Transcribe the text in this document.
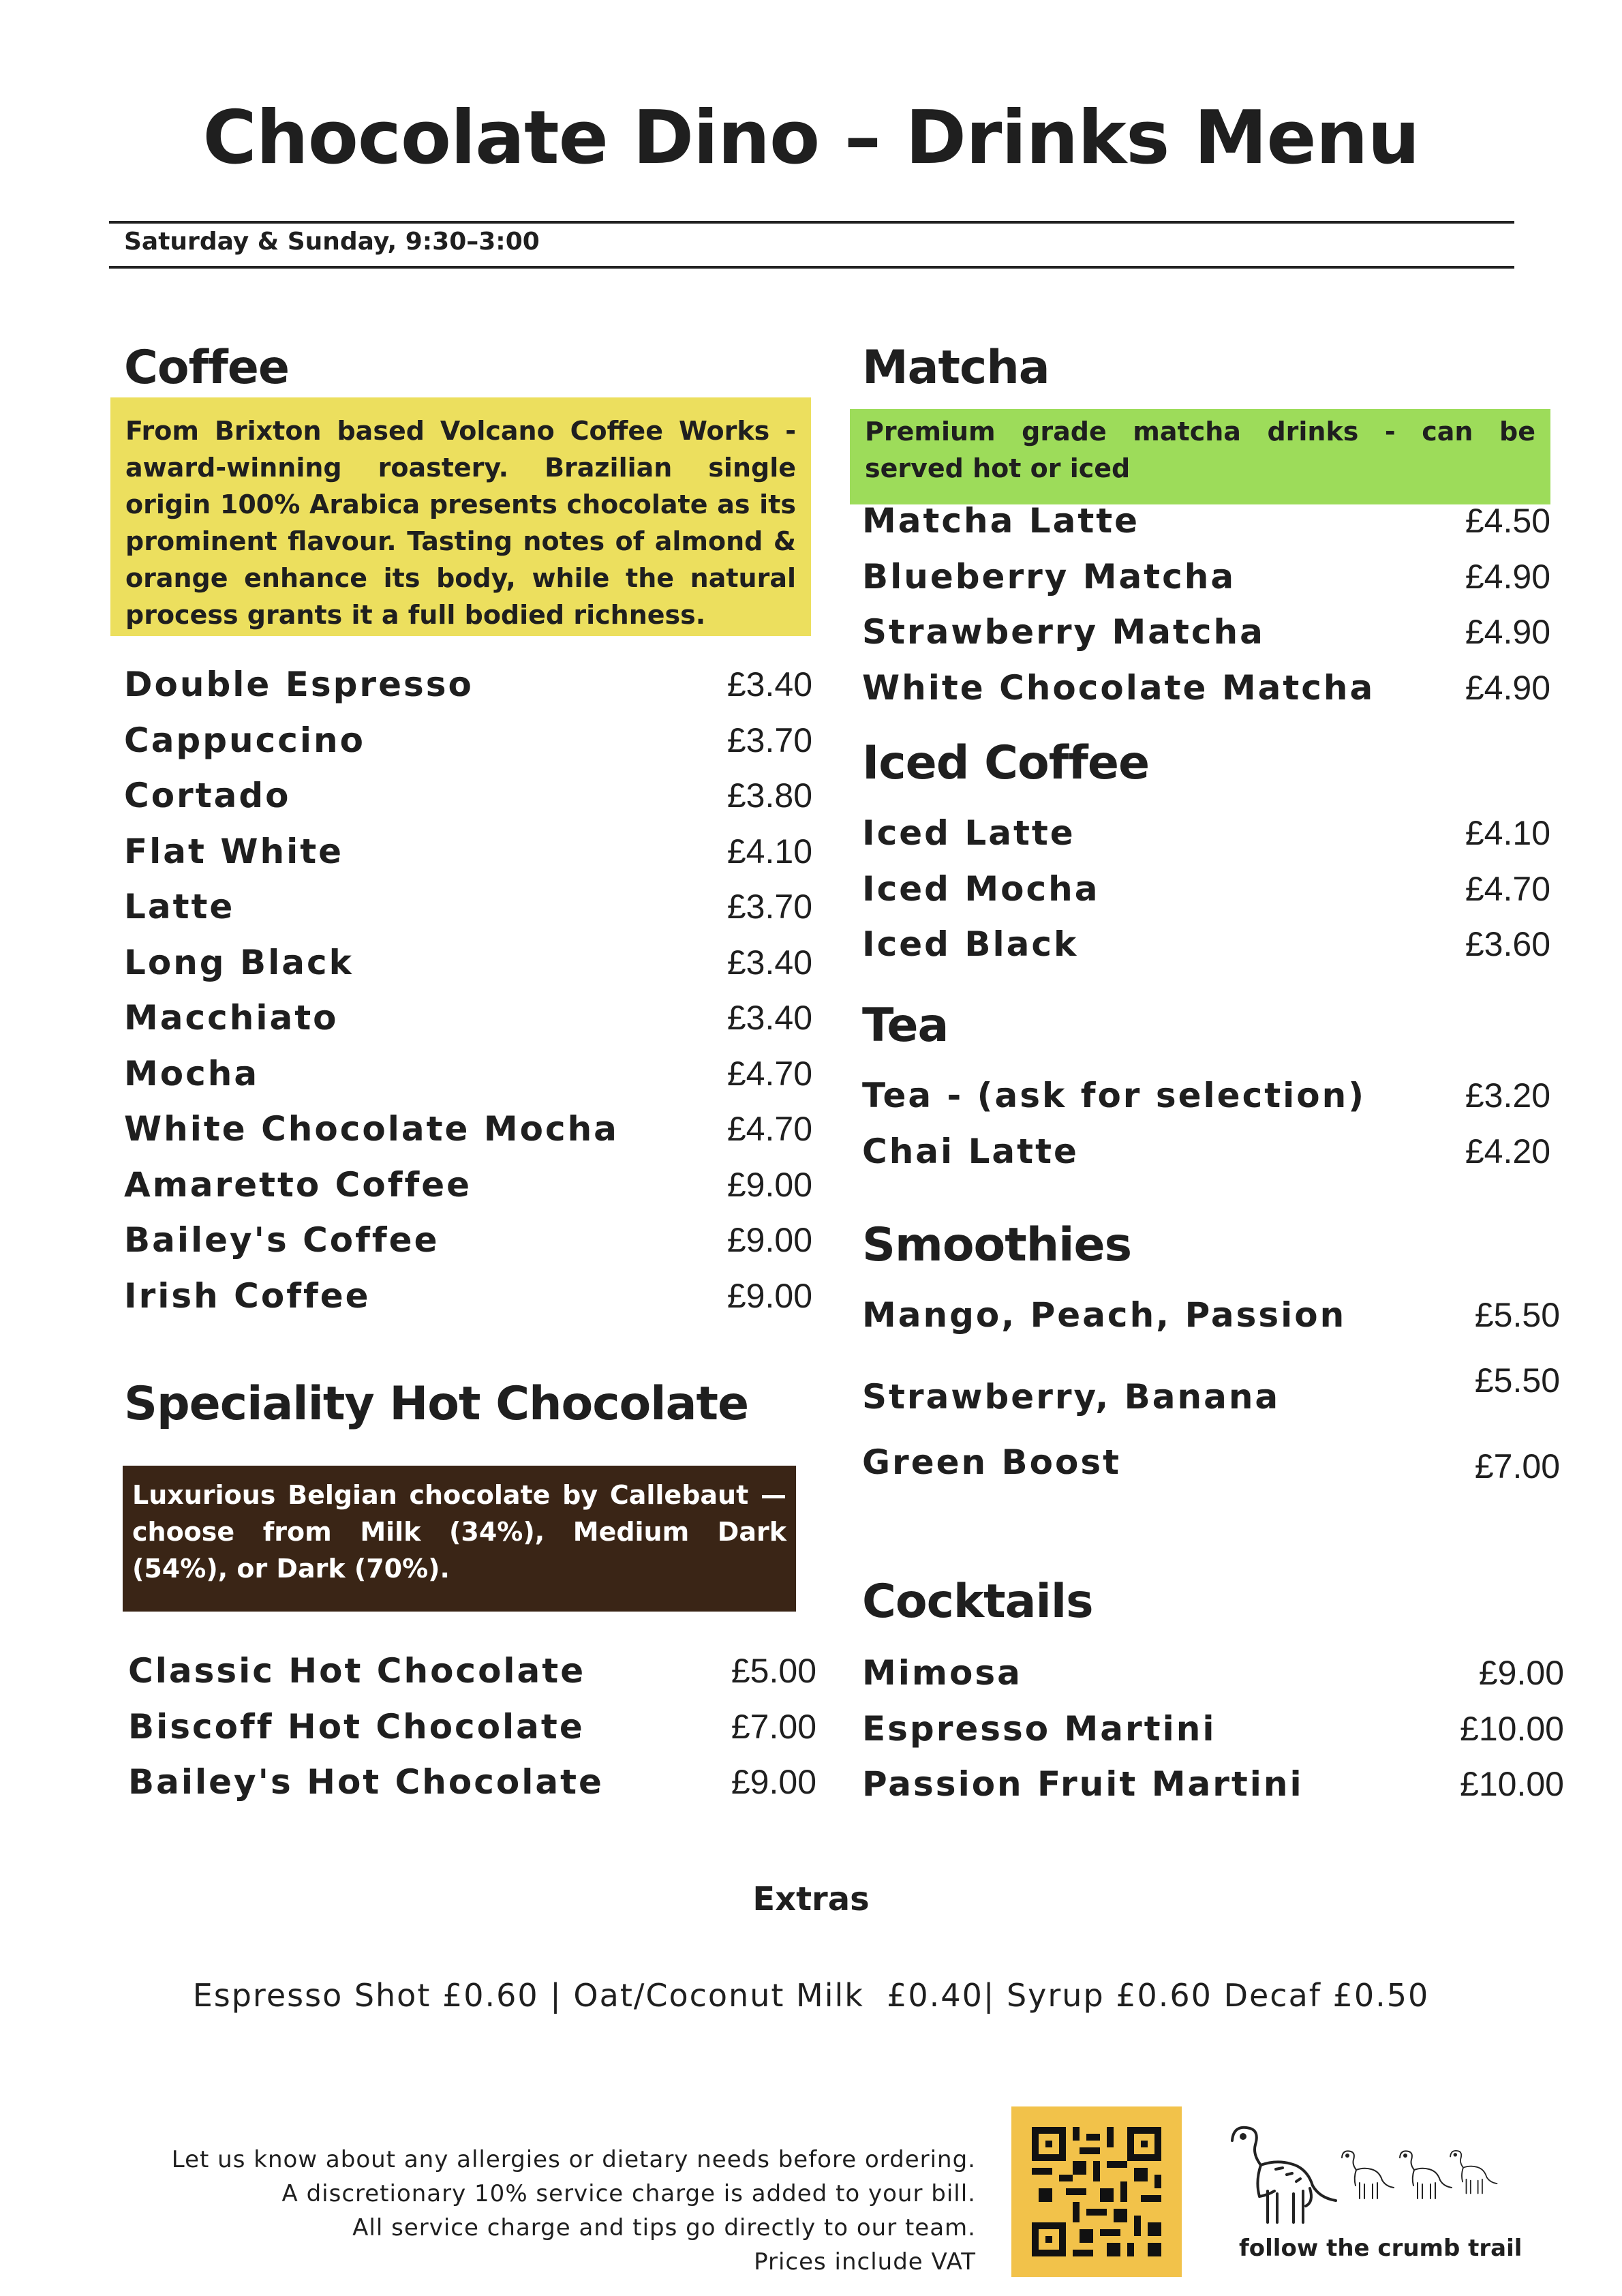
Chocolate Dino – Drinks Menu
Saturday & Sunday, 9:30–3:00
Coffee
From Brixton based Volcano Coffee Works - award-winning roastery. Brazilian single origin 100% Arabica presents chocolate as its prominent flavour. Tasting notes of almond & orange enhance its body, while the natural process grants it a full bodied richness.
Double Espresso	£3.40
Cappuccino	£3.70
Cortado	£3.80
Flat White	£4.10
Latte	£3.70
Long Black	£3.40
Macchiato	£3.40
Mocha	£4.70
White Chocolate Mocha	£4.70
Amaretto Coffee	£9.00
Bailey's Coffee	£9.00
Irish Coffee	£9.00
Speciality Hot Chocolate
Luxurious Belgian chocolate by Callebaut — choose from Milk (34%), Medium Dark (54%), or Dark (70%).
Classic Hot Chocolate	£5.00
Biscoff Hot Chocolate	£7.00
Bailey's Hot Chocolate	£9.00
Matcha
Premium grade matcha drinks - can be served hot or iced
Matcha Latte	£4.50
Blueberry Matcha	£4.90
Strawberry Matcha	£4.90
White Chocolate Matcha	£4.90
Iced Coffee
Iced Latte	£4.10
Iced Mocha	£4.70
Iced Black	£3.60
Tea
Tea - (ask for selection)	£3.20
Chai Latte	£4.20
Smoothies
Mango, Peach, Passion	£5.50
Strawberry, Banana	£5.50
Green Boost	£7.00
Cocktails
Mimosa	£9.00
Espresso Martini	£10.00
Passion Fruit Martini	£10.00
Extras
Espresso Shot £0.60 | Oat/Coconut Milk  £0.40| Syrup £0.60 Decaf £0.50
Let us know about any allergies or dietary needs before ordering.
A discretionary 10% service charge is added to your bill.
All service charge and tips go directly to our team.
Prices include VAT	follow the crumb trail
